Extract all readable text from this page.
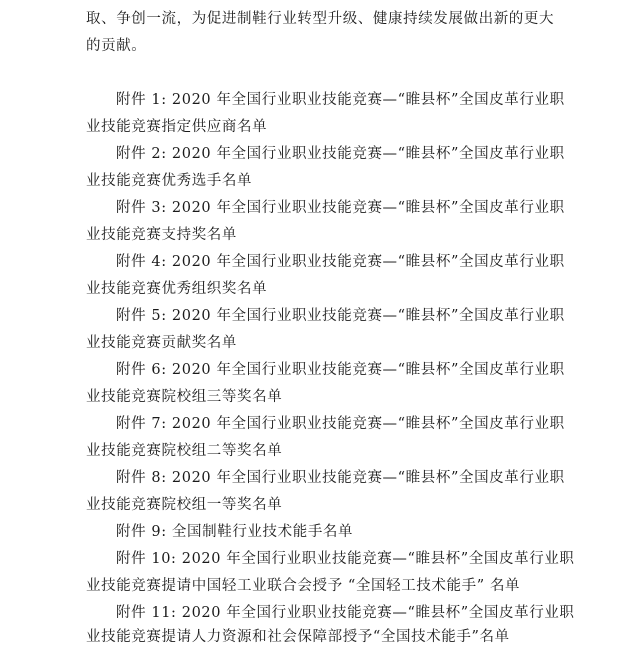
取、争创一流，为促进制鞋行业转型升级、健康持续发展做出新的更大
的贡献。
附件 1: 2020 年全国行业职业技能竞赛—“睢县杯”全国皮革行业职
业技能竞赛指定供应商名单
附件 2: 2020 年全国行业职业技能竞赛—“睢县杯”全国皮革行业职
业技能竞赛优秀选手名单
附件 3: 2020 年全国行业职业技能竞赛—“睢县杯”全国皮革行业职
业技能竞赛支持奖名单
附件 4: 2020 年全国行业职业技能竞赛—“睢县杯”全国皮革行业职
业技能竞赛优秀组织奖名单
附件 5: 2020 年全国行业职业技能竞赛—“睢县杯”全国皮革行业职
业技能竞赛贡献奖名单
附件 6: 2020 年全国行业职业技能竞赛—“睢县杯”全国皮革行业职
业技能竞赛院校组三等奖名单
附件 7: 2020 年全国行业职业技能竞赛—“睢县杯”全国皮革行业职
业技能竞赛院校组二等奖名单
附件 8: 2020 年全国行业职业技能竞赛—“睢县杯”全国皮革行业职
业技能竞赛院校组一等奖名单
附件 9: 全国制鞋行业技术能手名单
附件 10: 2020 年全国行业职业技能竞赛—“睢县杯”全国皮革行业职
业技能竞赛提请中国轻工业联合会授予 “全国轻工技术能手” 名单
附件 11: 2020 年全国行业职业技能竞赛—“睢县杯”全国皮革行业职
业技能竞赛提请人力资源和社会保障部授予“全国技术能手”名单
